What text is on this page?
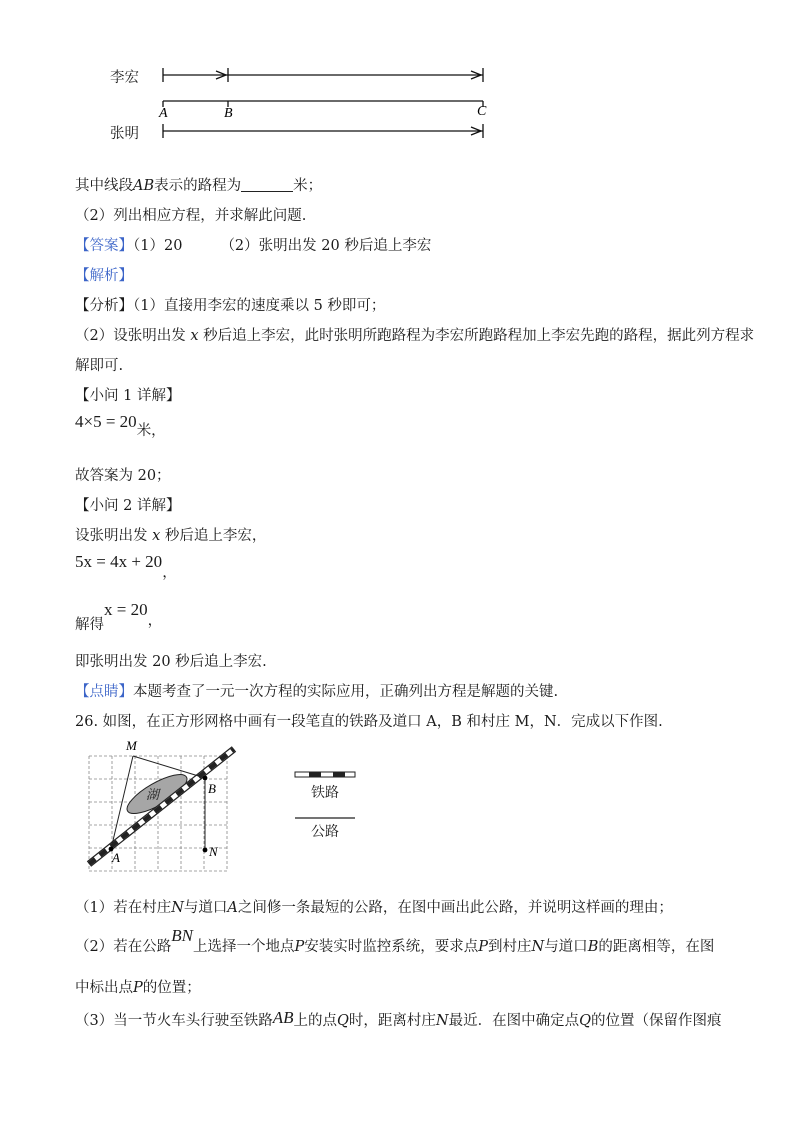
A	B	C
李宏
张明
其中线段AB表示的路程为	米；
（2）列出相应方程，并求解此问题.
【答案】（1）20	（2）张明出发 20 秒后追上李宏
【解析】
【分析】（1）直接用李宏的速度乘以 5 秒即可；
（2）设张明出发 x 秒后追上李宏，此时张明所跑路程为李宏所跑路程加上李宏先跑的路程，据此列方程求
解即可.
【小问 1 详解】
4×5 = 20米，
故答案为 20；
【小问 2 详解】
设张明出发 x 秒后追上李宏，
5x = 4x + 20，
解得x = 20，
即张明出发 20 秒后追上李宏.
【点睛】本题考查了一元一次方程的实际应用，正确列出方程是解题的关键.
26. 如图，在正方形网格中画有一段笔直的铁路及道口 A，B 和村庄 M，N．完成以下作图.
湖
M
A
B
N
铁路
公路
（1）若在村庄N与道口A之间修一条最短的公路，在图中画出此公路，并说明这样画的理由；
（2）若在公路BN上选择一个地点P安装实时监控系统，要求点P到村庄N与道口B的距离相等，在图
中标出点P的位置；
（3）当一节火车头行驶至铁路AB上的点Q时，距离村庄N最近．在图中确定点Q的位置（保留作图痕
